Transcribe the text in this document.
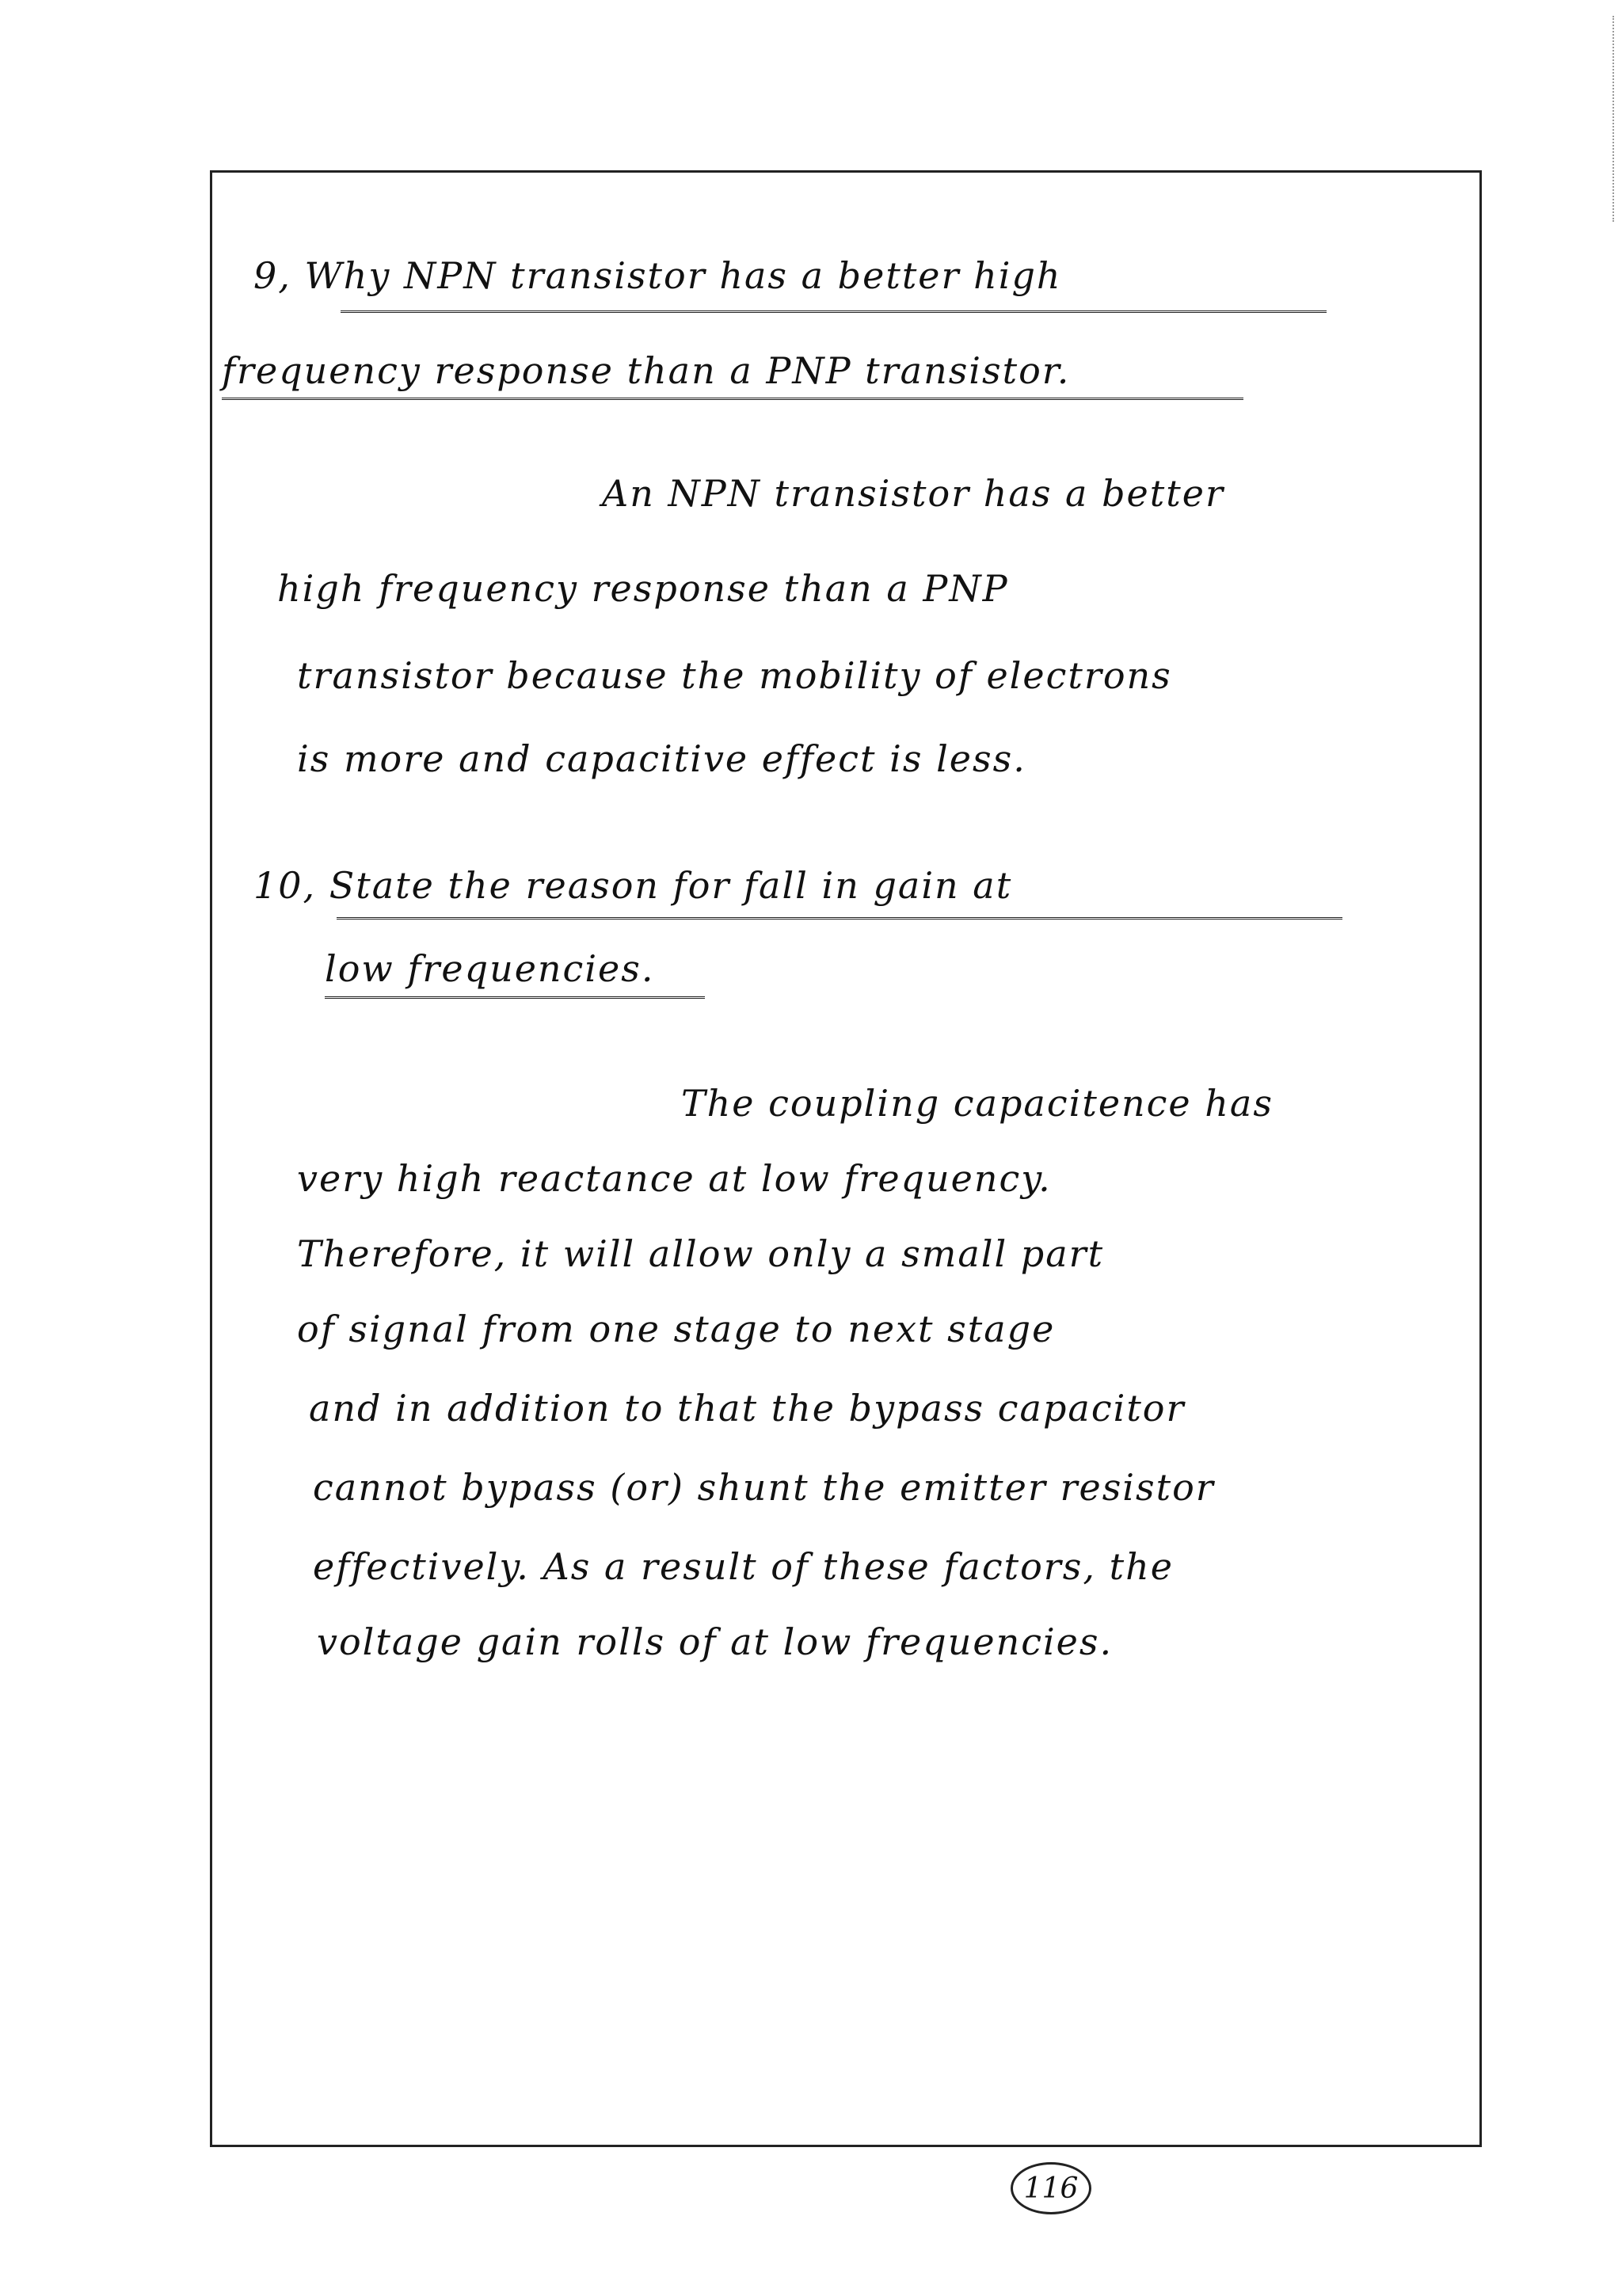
9, Why NPN transistor has a better high
frequency response than a PNP transistor.
An NPN transistor has a better
high frequency response than a PNP
transistor because the mobility of electrons
is more and capacitive effect is less.
10, State the reason for fall in gain at
low frequencies.
The coupling capacitence has
very high reactance at low frequency.
Therefore, it will allow only a small part
of signal from one stage to next stage
and in addition to that the bypass capacitor
cannot bypass (or) shunt the emitter resistor
effectively. As a result of these factors, the
voltage gain rolls of at low frequencies.
116
